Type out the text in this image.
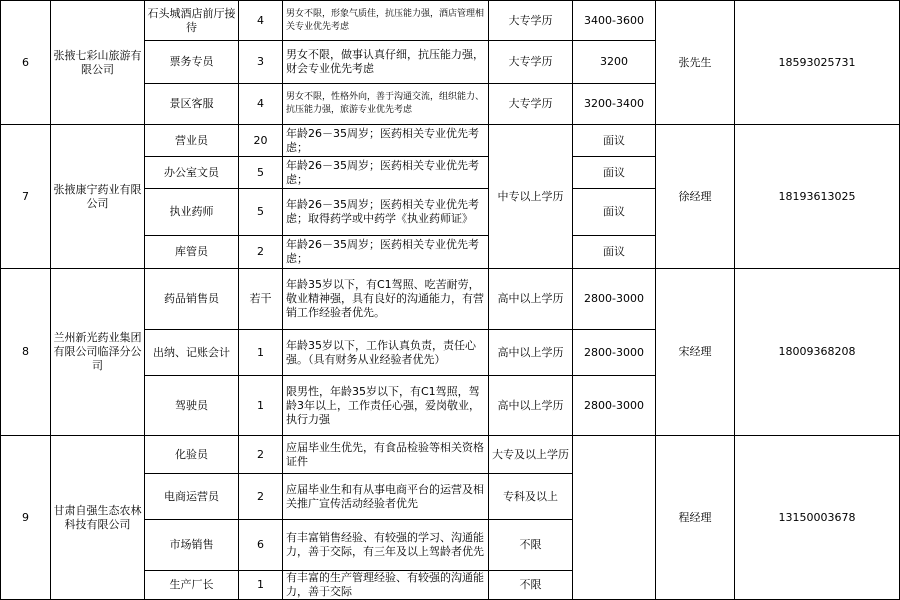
6	张掖七彩山旅游有限公司	石头城酒店前厅接待	4	男女不限，形象气质佳，抗压能力强，酒店管理相关专业优先考虑	大专学历	3400-3600	张先生	18593025731
		票务专员	3	男女不限，做事认真仔细，抗压能力强，财会专业优先考虑	大专学历	3200		
		景区客服	4	男女不限，性格外向，善于沟通交流，组织能力、抗压能力强，旅游专业优先考虑	大专学历	3200-3400		
7	张掖康宁药业有限公司	营业员	20	年龄26－35周岁；医药相关专业优先考虑；	中专以上学历	面议	徐经理	18193613025
		办公室文员	5	年龄26－35周岁；医药相关专业优先考虑；		面议		
		执业药师	5	年龄26－35周岁；医药相关专业优先考虑；取得药学或中药学《执业药师证》		面议		
		库管员	2	年龄26－35周岁；医药相关专业优先考虑；		面议		
8	兰州新光药业集团有限公司临泽分公司	药品销售员	若干	年龄35岁以下，有C1驾照、吃苦耐劳，敬业精神强，具有良好的沟通能力，有营销工作经验者优先。	高中以上学历	2800-3000	宋经理	18009368208
		出纳、记账会计	1	年龄35岁以下，工作认真负责，责任心强。（具有财务从业经验者优先）	高中以上学历	2800-3000		
		驾驶员	1	限男性，年龄35岁以下，有C1驾照，驾龄3年以上，工作责任心强，爱岗敬业，执行力强	高中以上学历	2800-3000		
9	甘肃自强生态农林科技有限公司	化验员	2	应届毕业生优先，有食品检验等相关资格证件	大专及以上学历		程经理	13150003678
		电商运营员	2	应届毕业生和有从事电商平台的运营及相关推广宣传活动经验者优先	专科及以上			
		市场销售	6	有丰富销售经验、有较强的学习、沟通能力，善于交际，有三年及以上驾龄者优先	不限			
		生产厂长	1	有丰富的生产管理经验、有较强的沟通能力，善于交际	不限			
